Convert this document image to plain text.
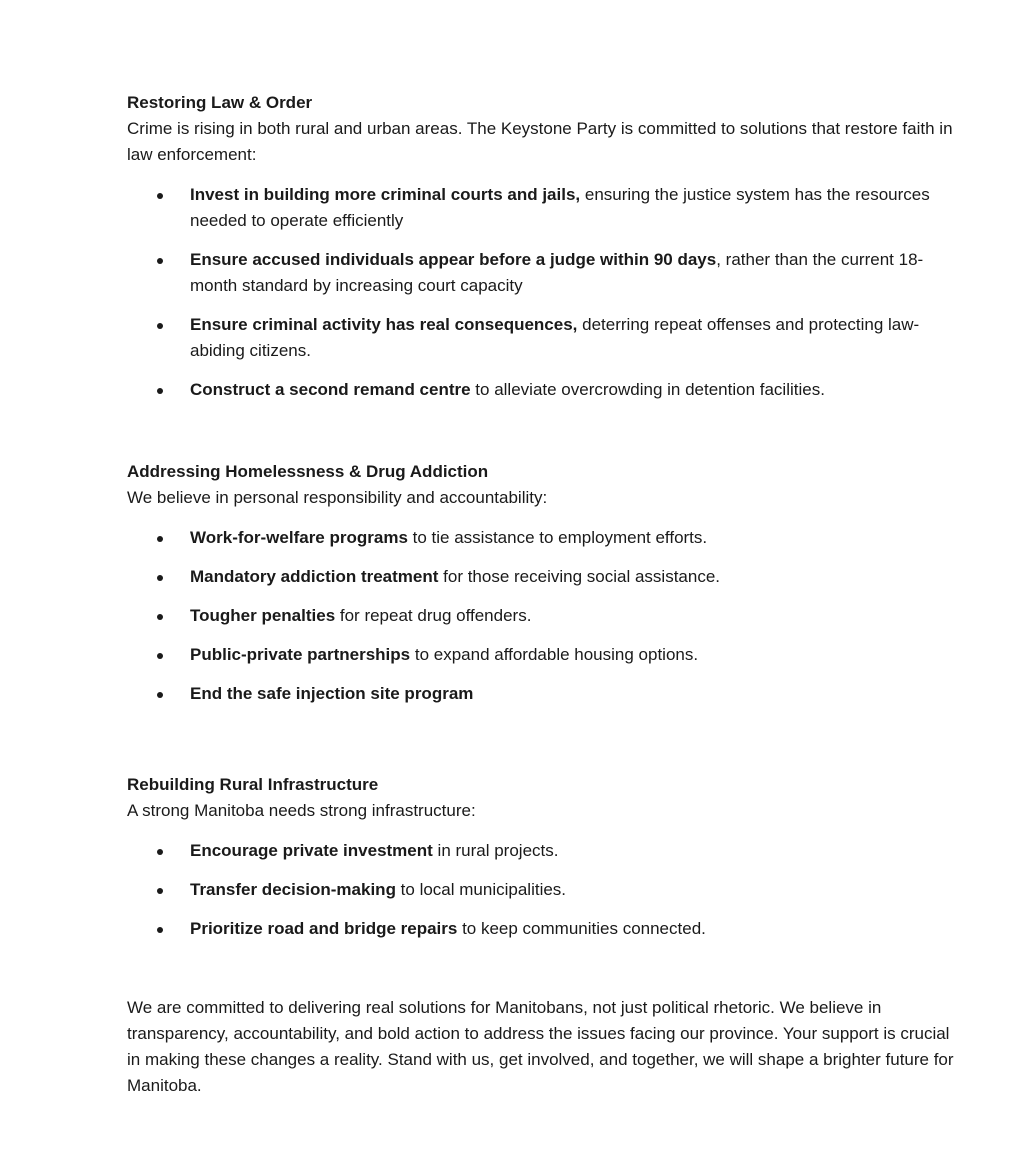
Restoring Law & Order

Crime is rising in both rural and urban areas. The Keystone Party is committed to solutions that restore faith in law enforcement:

Invest in building more criminal courts and jails, ensuring the justice system has the resources needed to operate efficiently
Ensure accused individuals appear before a judge within 90 days, rather than the current 18-month standard by increasing court capacity
Ensure criminal activity has real consequences, deterring repeat offenses and protecting law-abiding citizens.
Construct a second remand centre to alleviate overcrowding in detention facilities.

Addressing Homelessness & Drug Addiction

We believe in personal responsibility and accountability:

Work-for-welfare programs to tie assistance to employment efforts.
Mandatory addiction treatment for those receiving social assistance.
Tougher penalties for repeat drug offenders.
Public-private partnerships to expand affordable housing options.
End the safe injection site program

Rebuilding Rural Infrastructure

A strong Manitoba needs strong infrastructure:

Encourage private investment in rural projects.
Transfer decision-making to local municipalities.
Prioritize road and bridge repairs to keep communities connected.

We are committed to delivering real solutions for Manitobans, not just political rhetoric. We believe in transparency, accountability, and bold action to address the issues facing our province. Your support is crucial in making these changes a reality. Stand with us, get involved, and together, we will shape a brighter future for Manitoba.
